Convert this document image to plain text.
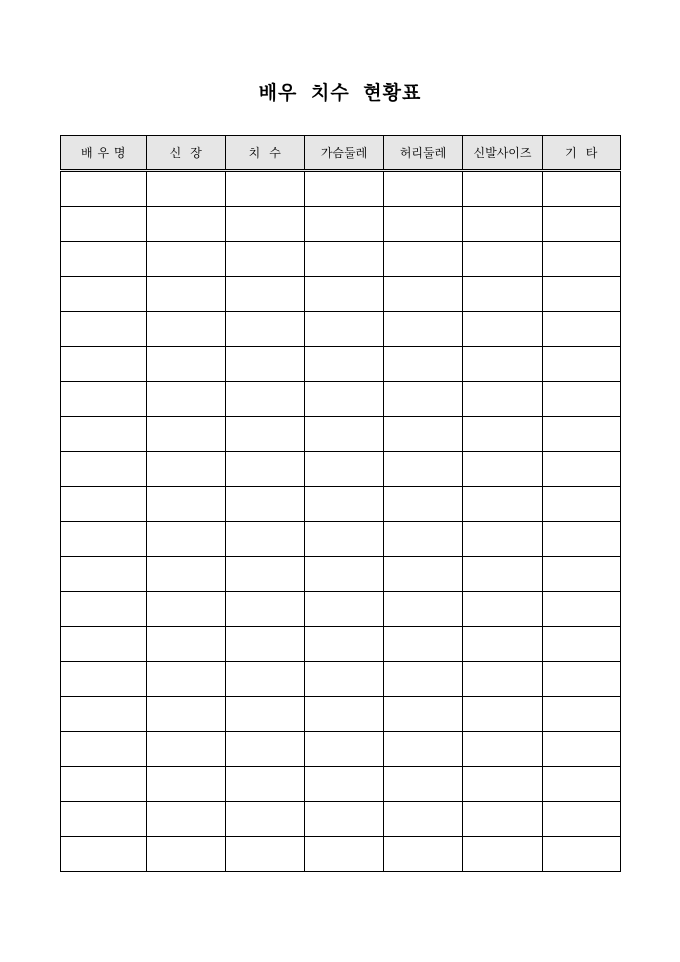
배우 치수 현황표
배 우 명	신  장	치  수	가슴둘레	허리둘레	신발사이즈	기  타
